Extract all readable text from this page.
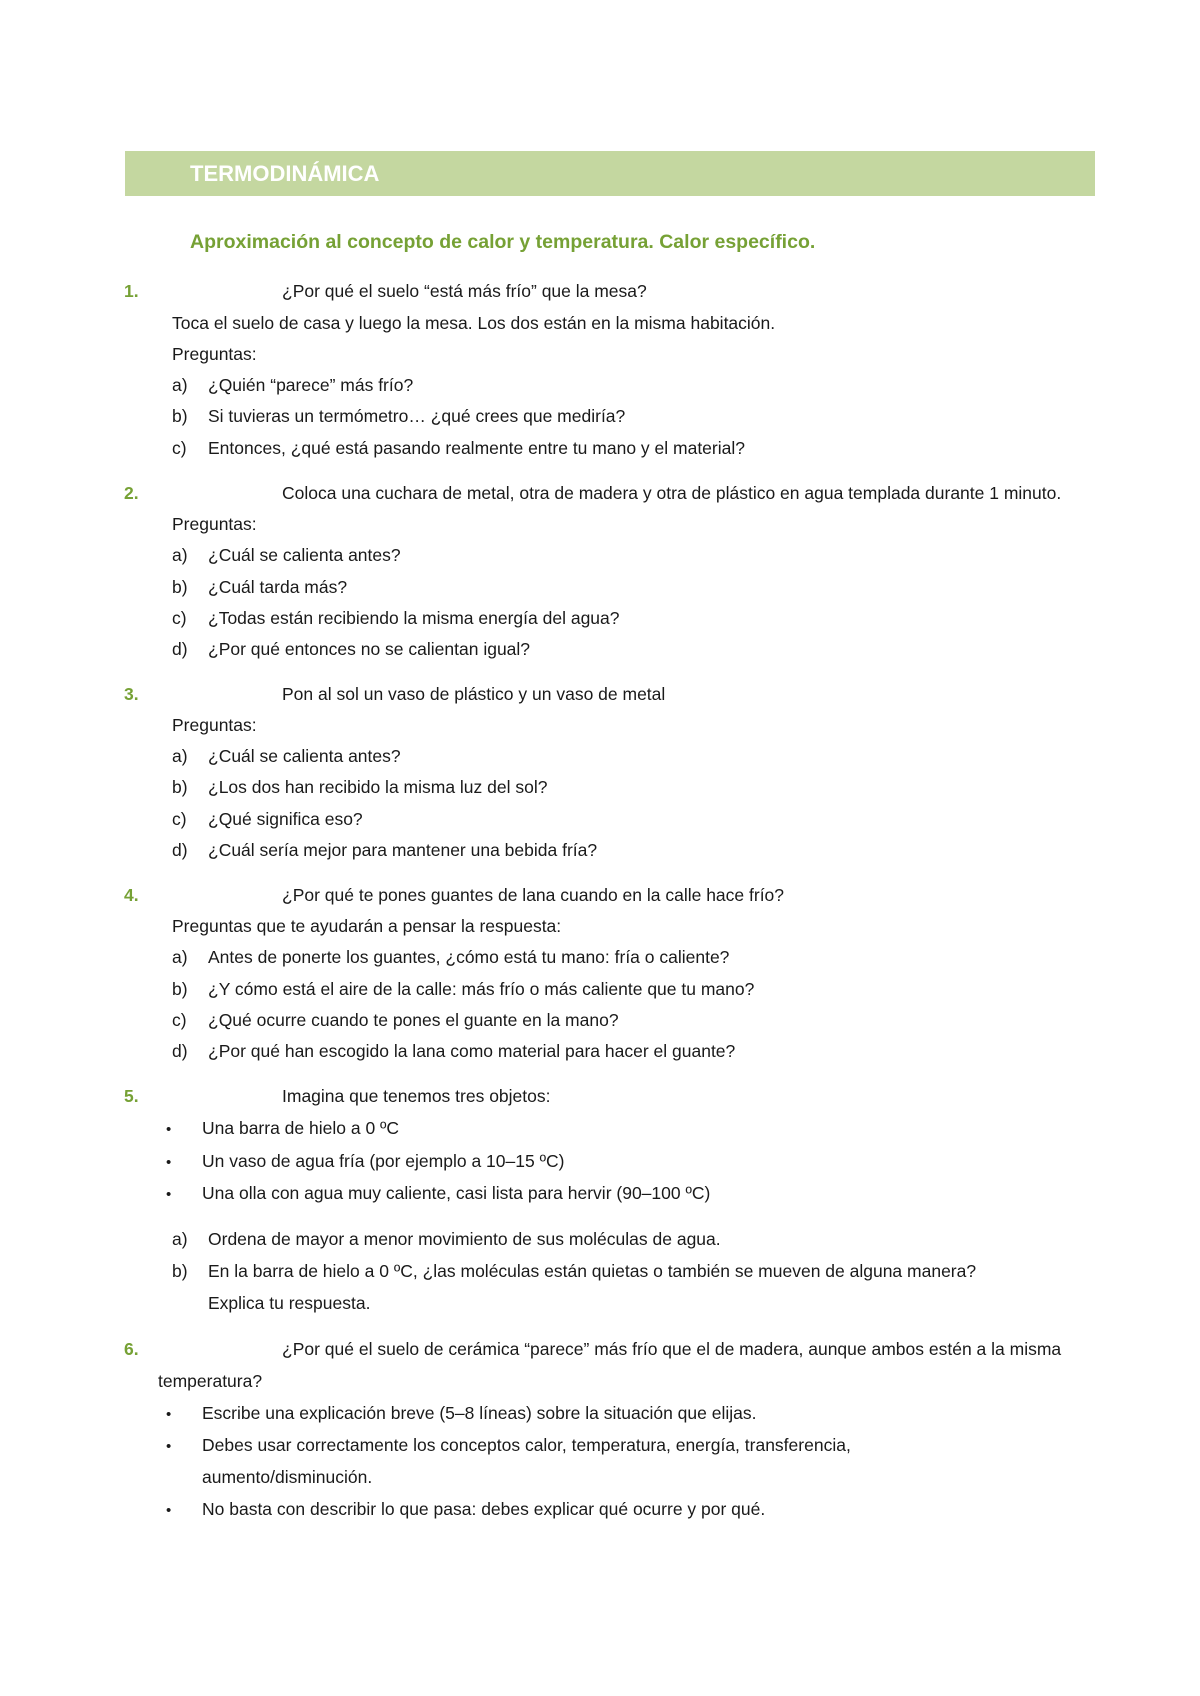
TERMODINÁMICA
Aproximación al concepto de calor y temperatura. Calor específico.
1.	¿Por qué el suelo “está más frío” que la mesa?
Toca el suelo de casa y luego la mesa. Los dos están en la misma habitación.
Preguntas:
a) ¿Quién “parece” más frío?
b) Si tuvieras un termómetro… ¿qué crees que mediría?
c) Entonces, ¿qué está pasando realmente entre tu mano y el material?
2.	Coloca una cuchara de metal, otra de madera y otra de plástico en agua templada durante 1 minuto.
Preguntas:
a) ¿Cuál se calienta antes?
b) ¿Cuál tarda más?
c) ¿Todas están recibiendo la misma energía del agua?
d) ¿Por qué entonces no se calientan igual?
3.	Pon al sol un vaso de plástico y un vaso de metal
Preguntas:
a) ¿Cuál se calienta antes?
b) ¿Los dos han recibido la misma luz del sol?
c) ¿Qué significa eso?
d) ¿Cuál sería mejor para mantener una bebida fría?
4.	¿Por qué te pones guantes de lana cuando en la calle hace frío?
Preguntas que te ayudarán a pensar la respuesta:
a) Antes de ponerte los guantes, ¿cómo está tu mano: fría o caliente?
b) ¿Y cómo está el aire de la calle: más frío o más caliente que tu mano?
c) ¿Qué ocurre cuando te pones el guante en la mano?
d) ¿Por qué han escogido la lana como material para hacer el guante?
5.	Imagina que tenemos tres objetos:
• Una barra de hielo a 0 ºC
• Un vaso de agua fría (por ejemplo a 10–15 ºC)
• Una olla con agua muy caliente, casi lista para hervir (90–100 ºC)
a) Ordena de mayor a menor movimiento de sus moléculas de agua.
b) En la barra de hielo a 0 ºC, ¿las moléculas están quietas o también se mueven de alguna manera?
Explica tu respuesta.
6.	¿Por qué el suelo de cerámica “parece” más frío que el de madera, aunque ambos estén a la misma
temperatura?
• Escribe una explicación breve (5–8 líneas) sobre la situación que elijas.
• Debes usar correctamente los conceptos calor, temperatura, energía, transferencia,
aumento/disminución.
• No basta con describir lo que pasa: debes explicar qué ocurre y por qué.
